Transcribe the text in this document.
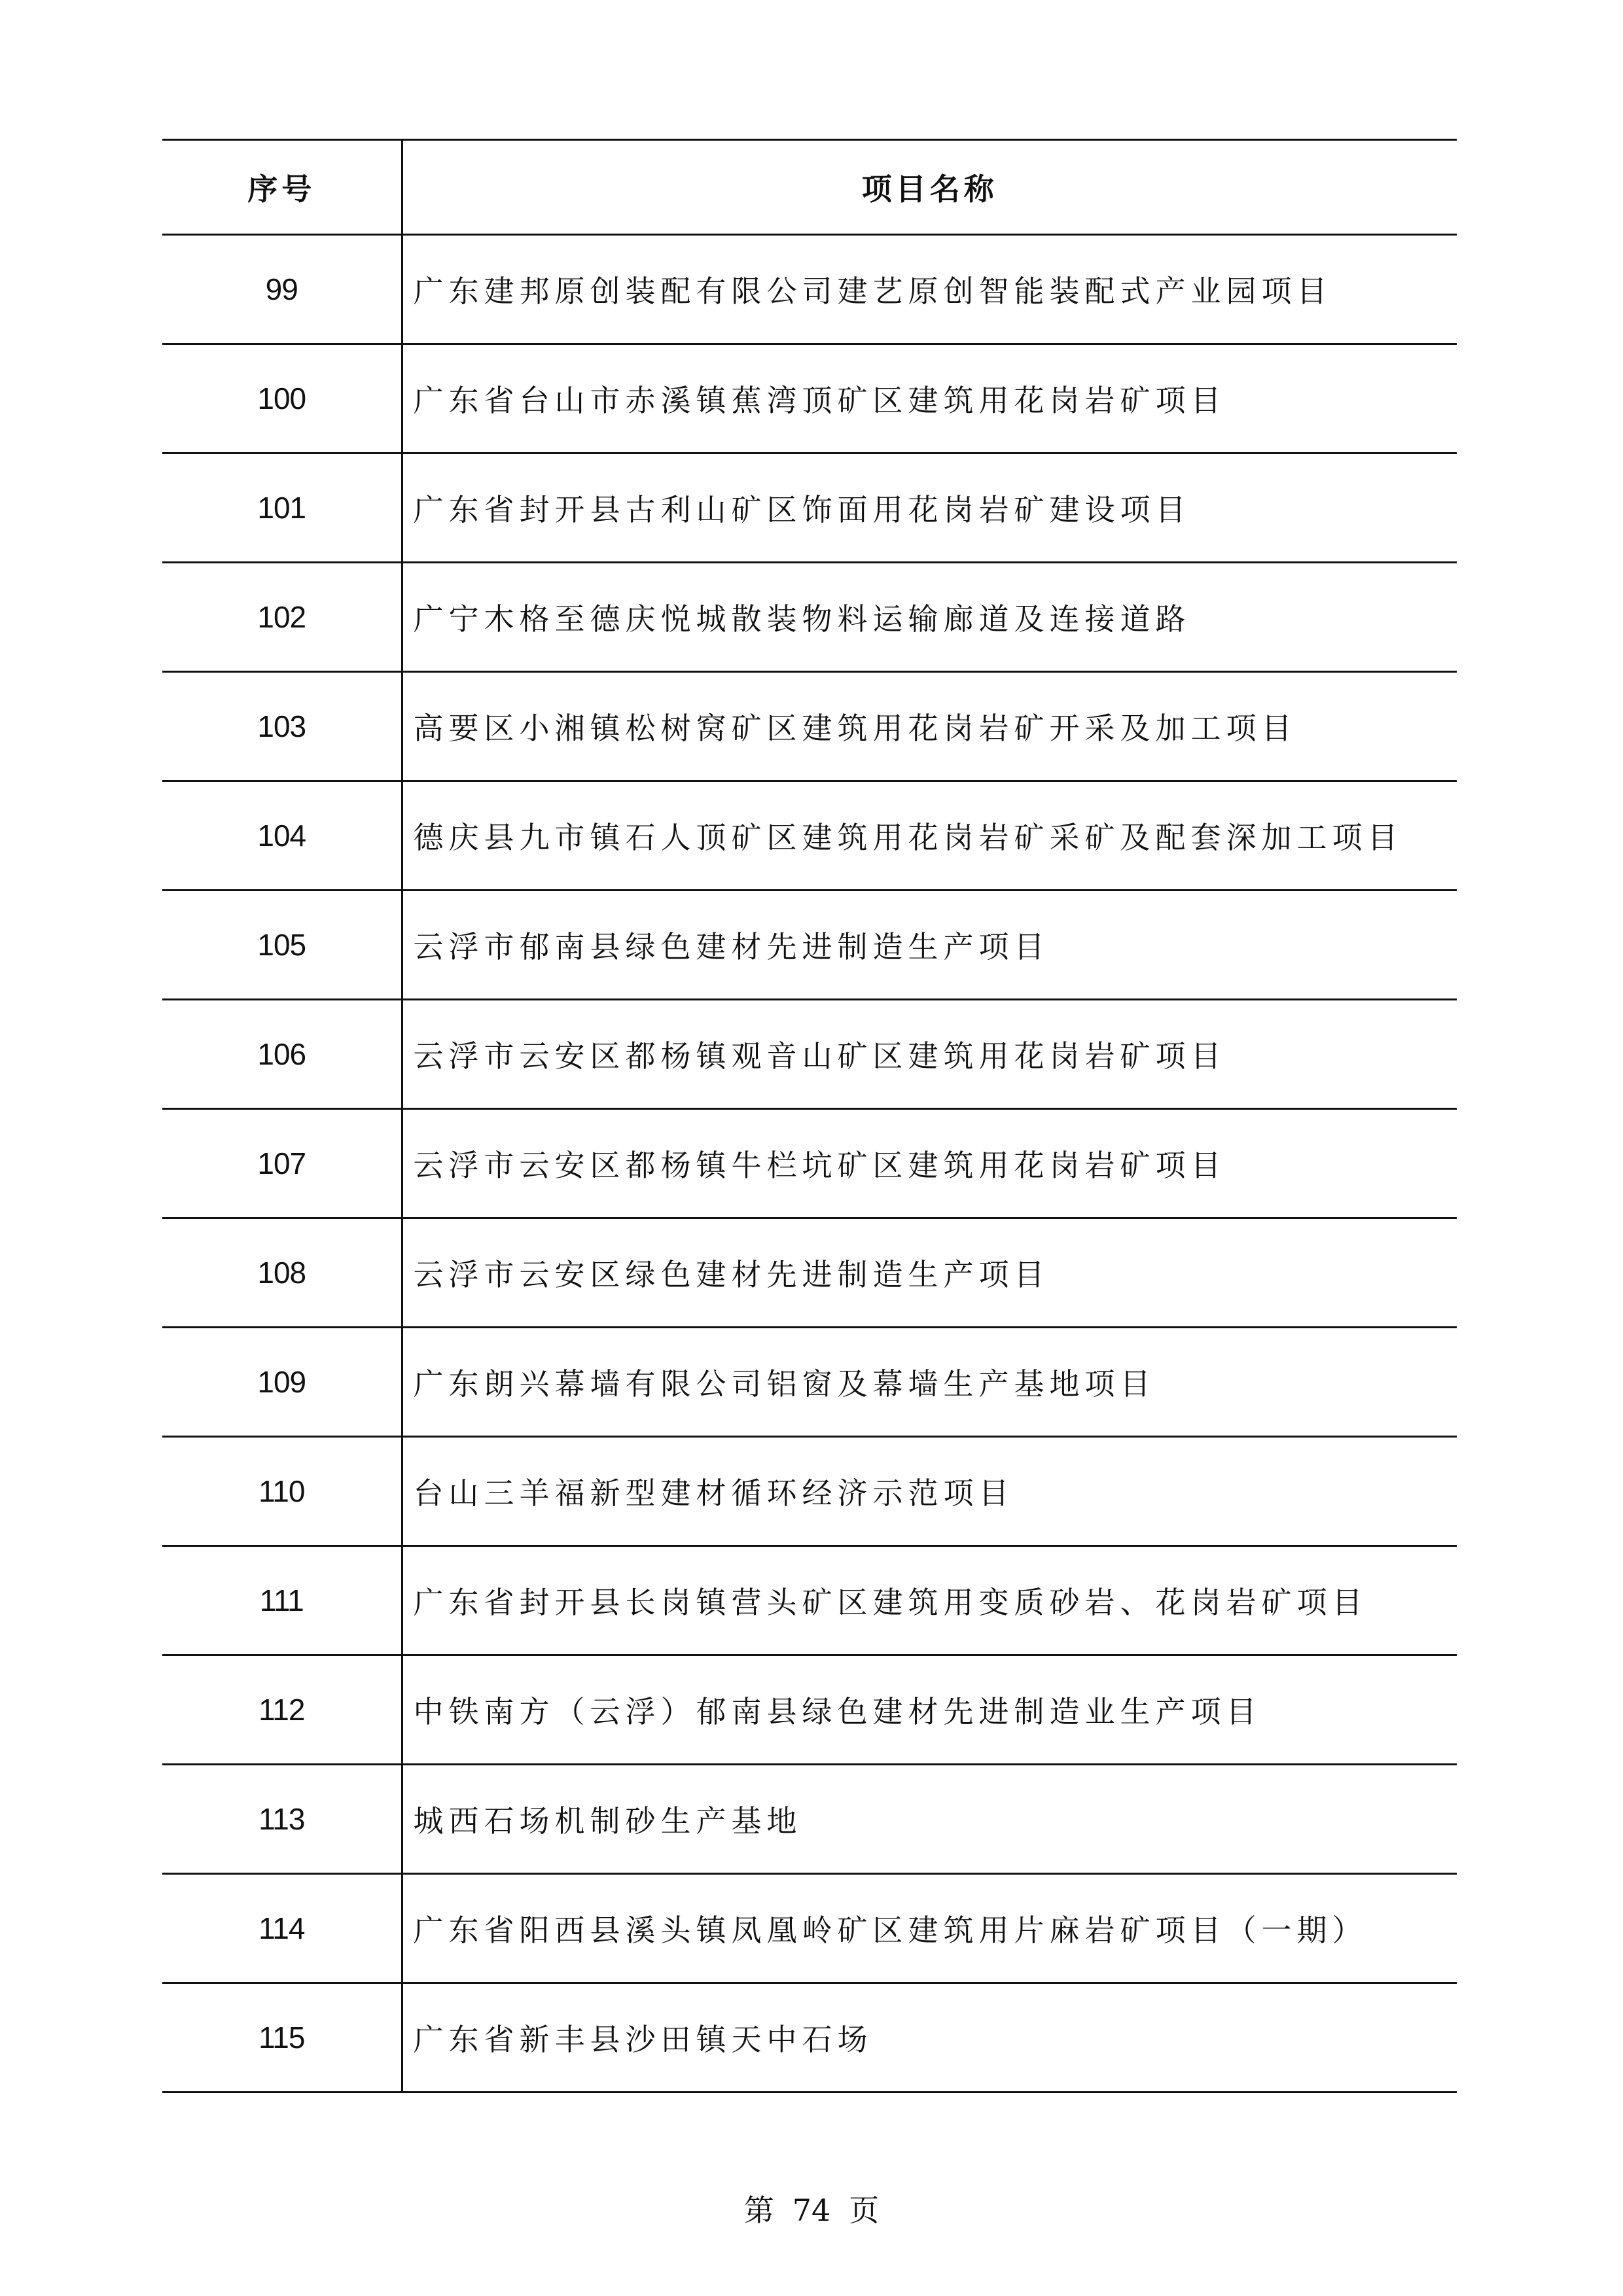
序号	项目名称
99	广东建邦原创装配有限公司建艺原创智能装配式产业园项目
100	广东省台山市赤溪镇蕉湾顶矿区建筑用花岗岩矿项目
101	广东省封开县古利山矿区饰面用花岗岩矿建设项目
102	广宁木格至德庆悦城散装物料运输廊道及连接道路
103	高要区小湘镇松树窝矿区建筑用花岗岩矿开采及加工项目
104	德庆县九市镇石人顶矿区建筑用花岗岩矿采矿及配套深加工项目
105	云浮市郁南县绿色建材先进制造生产项目
106	云浮市云安区都杨镇观音山矿区建筑用花岗岩矿项目
107	云浮市云安区都杨镇牛栏坑矿区建筑用花岗岩矿项目
108	云浮市云安区绿色建材先进制造生产项目
109	广东朗兴幕墙有限公司铝窗及幕墙生产基地项目
110	台山三羊福新型建材循环经济示范项目
111	广东省封开县长岗镇营头矿区建筑用变质砂岩、花岗岩矿项目
112	中铁南方（云浮）郁南县绿色建材先进制造业生产项目
113	城西石场机制砂生产基地
114	广东省阳西县溪头镇凤凰岭矿区建筑用片麻岩矿项目（一期）
115	广东省新丰县沙田镇天中石场
第 74 页
